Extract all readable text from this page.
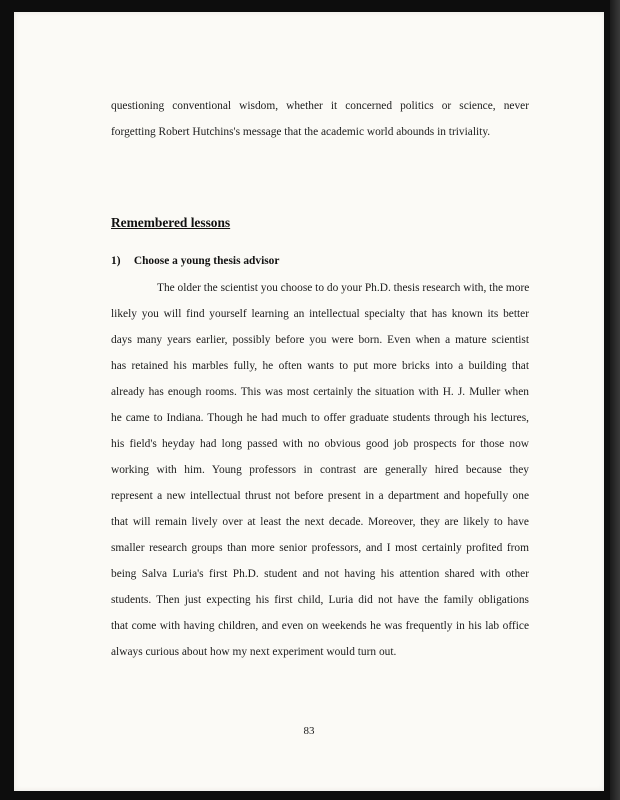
questioning conventional wisdom, whether it concerned politics or science, never
forgetting Robert Hutchins's message that the academic world abounds in triviality.
Remembered lessons
1) Choose a young thesis advisor
The older the scientist you choose to do your Ph.D. thesis research with, the more
likely you will find yourself learning an intellectual specialty that has known its better
days many years earlier, possibly before you were born. Even when a mature scientist
has retained his marbles fully, he often wants to put more bricks into a building that
already has enough rooms. This was most certainly the situation with H. J. Muller when
he came to Indiana. Though he had much to offer graduate students through his lectures,
his field's heyday had long passed with no obvious good job prospects for those now
working with him. Young professors in contrast are generally hired because they
represent a new intellectual thrust not before present in a department and hopefully one
that will remain lively over at least the next decade. Moreover, they are likely to have
smaller research groups than more senior professors, and I most certainly profited from
being Salva Luria's first Ph.D. student and not having his attention shared with other
students. Then just expecting his first child, Luria did not have the family obligations
that come with having children, and even on weekends he was frequently in his lab office
always curious about how my next experiment would turn out.
83
